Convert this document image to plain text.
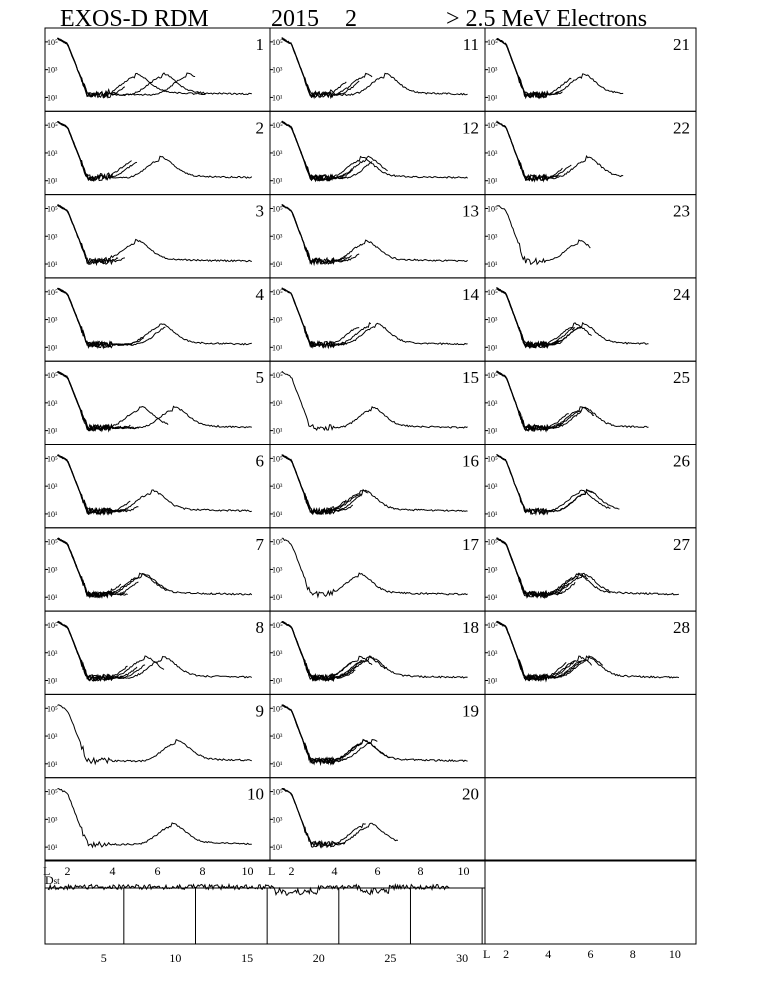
EXOS-D RDM	2015 2	> 2.5 MeV Electrons
10⁵
10³
10¹
1
10⁵
10³
10¹
2
10⁵
10³
10¹
3
10⁵
10³
10¹
4
10⁵
10³
10¹
5
10⁵
10³
10¹
6
10⁵
10³
10¹
7
10⁵
10³
10¹
8
10⁵
10³
10¹
9
10⁵
10³
10¹
10
10⁵
10³
10¹
11
10⁵
10³
10¹
12
10⁵
10³
10¹
13
10⁵
10³
10¹
14
10⁵
10³
10¹
15
10⁵
10³
10¹
16
10⁵
10³
10¹
17
10⁵
10³
10¹
18
10⁵
10³
10¹
19
10⁵
10³
10¹
20
10⁵
10³
10¹
21
10⁵
10³
10¹
22
10⁵
10³
10¹
23
10⁵
10³
10¹
24
10⁵
10³
10¹
25
10⁵
10³
10¹
26
10⁵
10³
10¹
27
10⁵
10³
10¹
28
L 2	4	6	8	10 L 2	4	6	8	10
L 2	4	6	8	10
Dst
5	10	15	20	25	30
